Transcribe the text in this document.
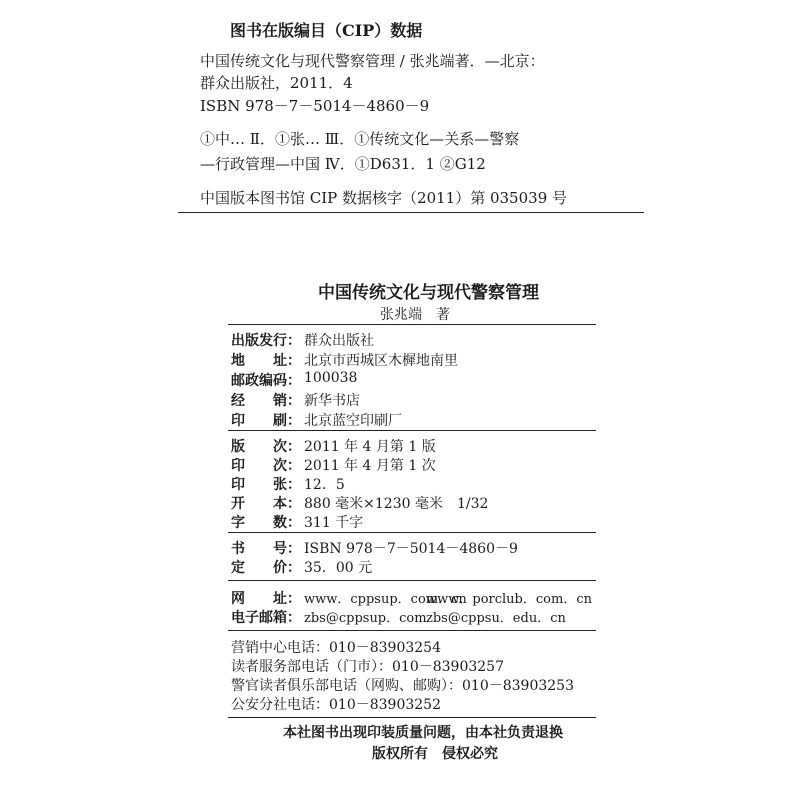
图书在版编目（CIP）数据
中国传统文化与现代警察管理 / 张兆端著．—北京：
群众出版社，2011．4
ISBN 978－7－5014－4860－9
①中… Ⅱ．①张… Ⅲ．①传统文化—关系—警察
—行政管理—中国 Ⅳ．①D631．1 ②G12
中国版本图书馆 CIP 数据核字（2011）第 035039 号
中国传统文化与现代警察管理
张兆端　著
出版发行： 群众出版社
地　　址： 北京市西城区木樨地南里
邮政编码： 100038
经　　销： 新华书店
印　　刷： 北京蓝空印刷厂
版　　次： 2011 年 4 月第 1 版
印　　次： 2011 年 4 月第 1 次
印　　张： 12．5
开　　本： 880 毫米×1230 毫米　1/32
字　　数： 311 千字
书　　号： ISBN 978－7－5014－4860－9
定　　价： 35．00 元
网　　址： www．cppsup．com．cn
www．porclub．com．cn
电子邮箱： zbs@cppsup．com zbs@cppsu．edu．cn
营销中心电话：010－83903254
读者服务部电话（门市）：010－83903257
警官读者俱乐部电话（网购、邮购）：010－83903253
公安分社电话：010－83903252
本社图书出现印装质量问题，由本社负责退换
版权所有　侵权必究
